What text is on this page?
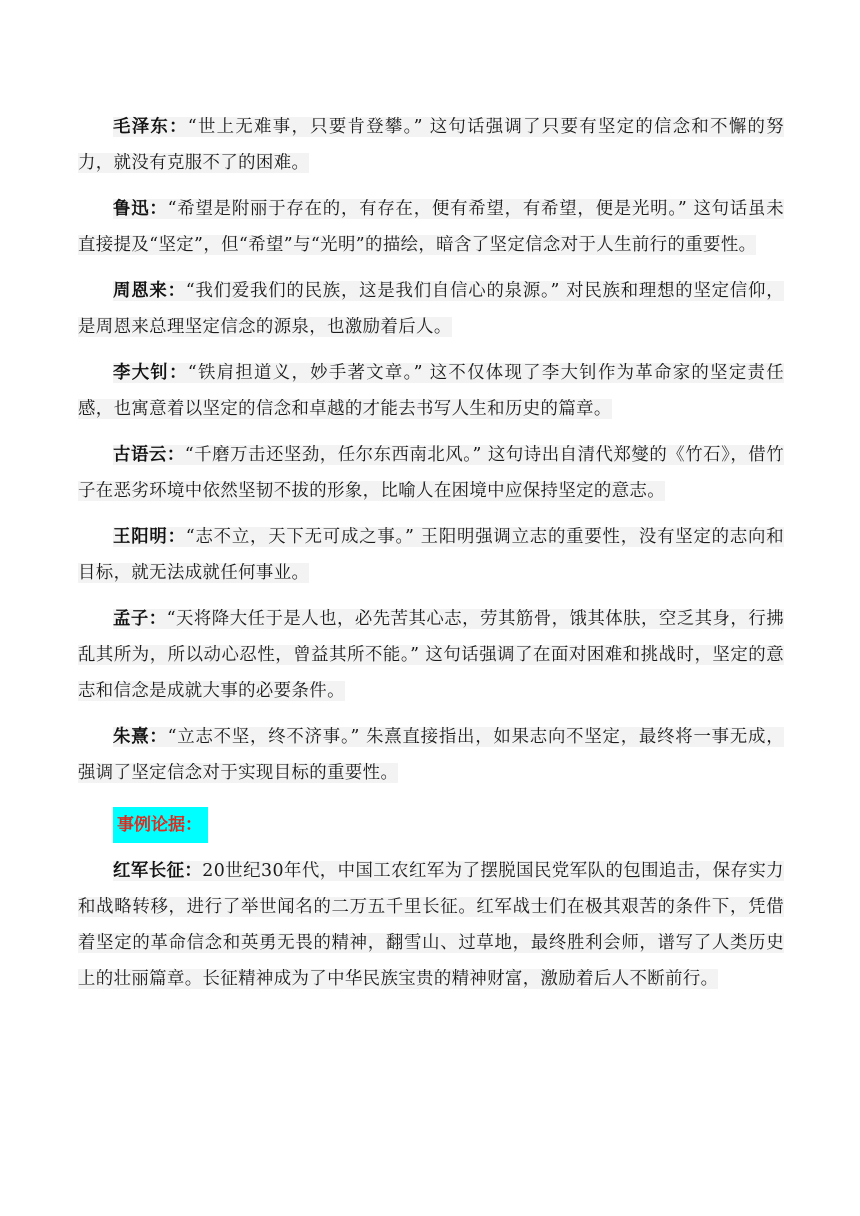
毛泽东：“世上无难事，只要肯登攀。” 这句话强调了只要有坚定的信念和不懈的努力，就没有克服不了的困难。

鲁迅：“希望是附丽于存在的，有存在，便有希望，有希望，便是光明。” 这句话虽未直接提及“坚定”，但“希望”与“光明”的描绘，暗含了坚定信念对于人生前行的重要性。

周恩来：“我们爱我们的民族，这是我们自信心的泉源。” 对民族和理想的坚定信仰，是周恩来总理坚定信念的源泉，也激励着后人。

李大钊：“铁肩担道义，妙手著文章。” 这不仅体现了李大钊作为革命家的坚定责任感，也寓意着以坚定的信念和卓越的才能去书写人生和历史的篇章。

古语云：“千磨万击还坚劲，任尔东西南北风。” 这句诗出自清代郑燮的《竹石》，借竹子在恶劣环境中依然坚韧不拔的形象，比喻人在困境中应保持坚定的意志。

王阳明：“志不立，天下无可成之事。” 王阳明强调立志的重要性，没有坚定的志向和目标，就无法成就任何事业。

孟子：“天将降大任于是人也，必先苦其心志，劳其筋骨，饿其体肤，空乏其身，行拂乱其所为，所以动心忍性，曾益其所不能。” 这句话强调了在面对困难和挑战时，坚定的意志和信念是成就大事的必要条件。

朱熹：“立志不坚，终不济事。” 朱熹直接指出，如果志向不坚定，最终将一事无成，强调了坚定信念对于实现目标的重要性。

事例论据：

红军长征：20世纪30年代，中国工农红军为了摆脱国民党军队的包围追击，保存实力和战略转移，进行了举世闻名的二万五千里长征。红军战士们在极其艰苦的条件下，凭借着坚定的革命信念和英勇无畏的精神，翻雪山、过草地，最终胜利会师，谱写了人类历史上的壮丽篇章。长征精神成为了中华民族宝贵的精神财富，激励着后人不断前行。
